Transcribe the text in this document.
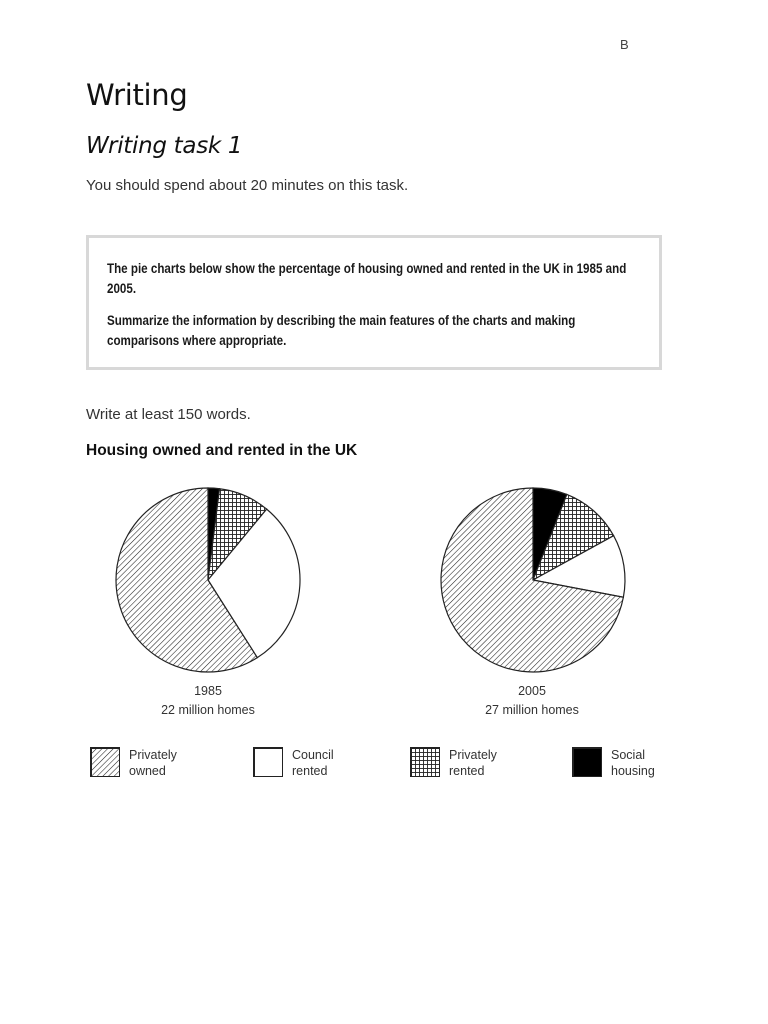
B
Writing
Writing task 1
You should spend about 20 minutes on this task.

The pie charts below show the percentage of housing owned and rented in the UK in 1985 and 2005.

Summarize the information by describing the main features of the charts and making comparisons where appropriate.

Write at least 150 words.
Housing owned and rented in the UK
1985
22 million homes
2005
27 million homes
Privately
owned
Council
rented
Privately
rented
Social
housing
